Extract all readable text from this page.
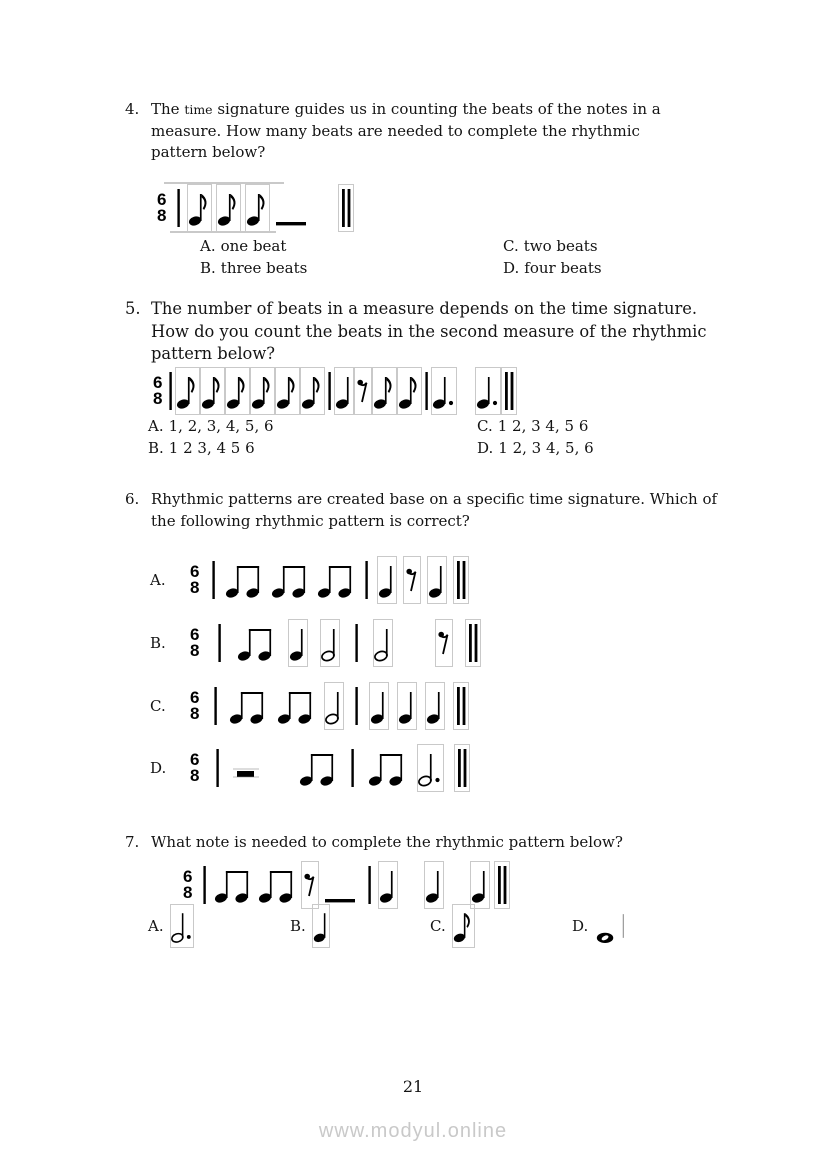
4. The time signature guides us in counting the beats of the notes in a measure. How many beats are needed to complete the rhythmic pattern below?

6
8
A. one beat
B. three beats
C. two beats
D. four beats
5. The number of beats in a measure depends on the time signature. How do you count the beats in the second measure of the rhythmic pattern below?

6
8
A. 1, 2, 3, 4, 5, 6
B. 1 2 3, 4 5 6
C. 1 2, 3 4, 5 6
D. 1 2, 3 4, 5, 6
6. Rhythmic patterns are created base on a specific time signature. Which of the following rhythmic pattern is correct?

A.	6
8
B.	6
8
C.	6
8
D.	6
8
7. What note is needed to complete the rhythmic pattern below?

6
8
A.	B.	C.	D.
21
www.modyul.online
